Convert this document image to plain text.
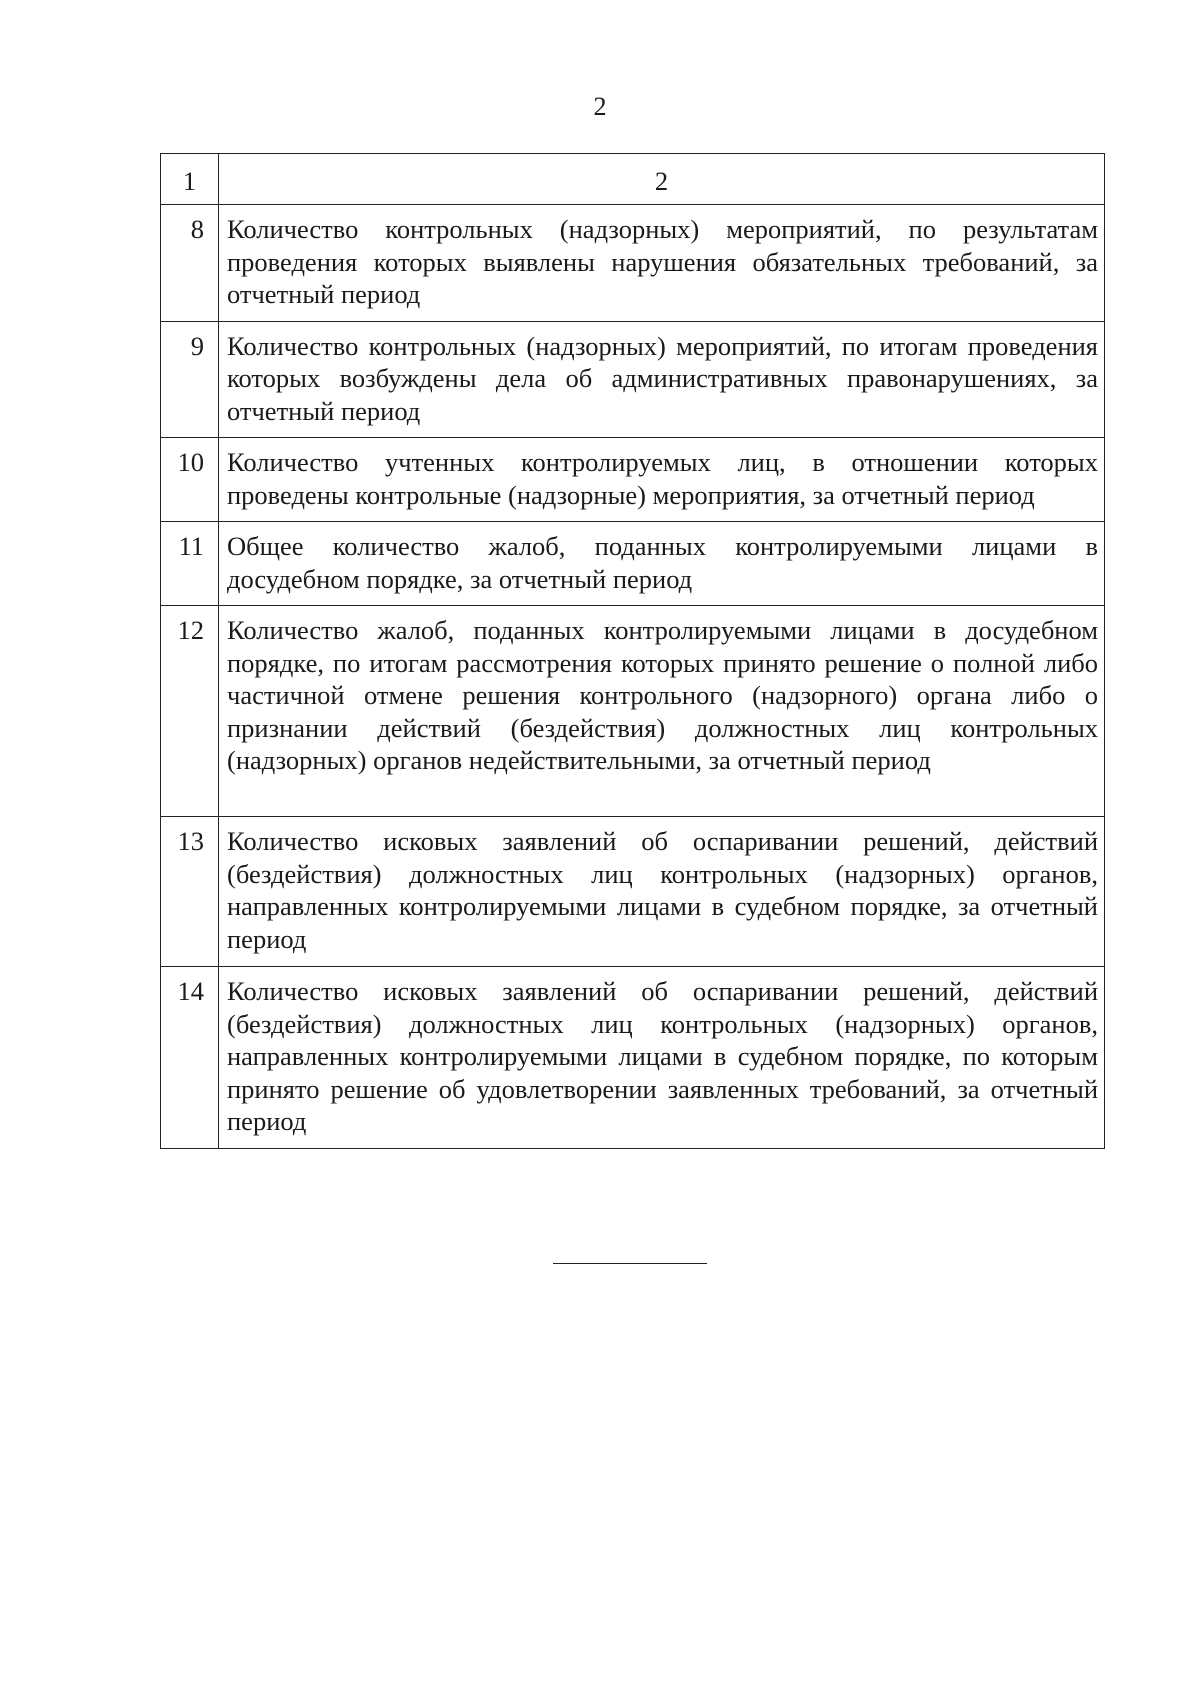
2
1	2
8	Количество контрольных (надзорных) мероприятий, по результатам проведения которых выявлены нарушения обязательных требований, за отчетный период
9	Количество контрольных (надзорных) мероприятий, по итогам проведения которых возбуждены дела об административных правонарушениях, за отчетный период
10	Количество учтенных контролируемых лиц, в отношении которых проведены контрольные (надзорные) мероприятия, за отчетный период
11	Общее количество жалоб, поданных контролируемыми лицами в досудебном порядке, за отчетный период
12	Количество жалоб, поданных контролируемыми лицами в досудебном порядке, по итогам рассмотрения которых принято решение о полной либо частичной отмене решения контрольного (надзорного) органа либо о признании действий (бездействия) должностных лиц контрольных (надзорных) органов недействительными, за отчетный период
13	Количество исковых заявлений об оспаривании решений, действий (бездействия) должностных лиц контрольных (надзорных) органов, направленных контролируемыми лицами в судебном порядке, за отчетный период
14	Количество исковых заявлений об оспаривании решений, действий (бездействия) должностных лиц контрольных (надзорных) органов, направленных контролируемыми лицами в судебном порядке, по которым принято решение об удовлетворении заявленных требований, за отчетный период
